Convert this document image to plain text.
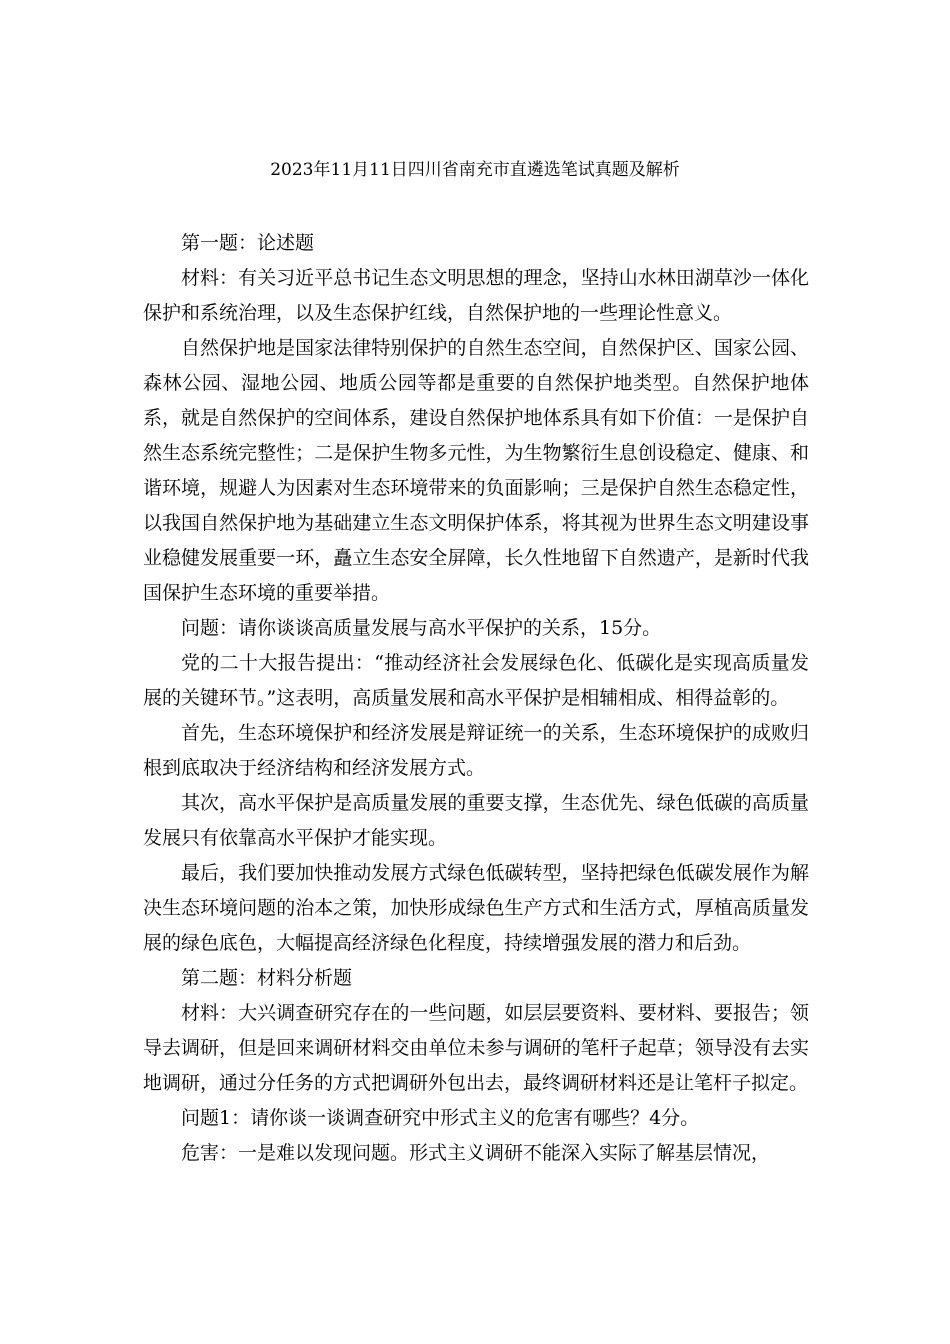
2023年11月11日四川省南充市直遴选笔试真题及解析

第一题：论述题

材料：有关习近平总书记生态文明思想的理念，坚持山水林田湖草沙一体化保护和系统治理，以及生态保护红线，自然保护地的一些理论性意义。

自然保护地是国家法律特别保护的自然生态空间，自然保护区、国家公园、森林公园、湿地公园、地质公园等都是重要的自然保护地类型。自然保护地体系，就是自然保护的空间体系，建设自然保护地体系具有如下价值：一是保护自然生态系统完整性；二是保护生物多元性，为生物繁衍生息创设稳定、健康、和谐环境，规避人为因素对生态环境带来的负面影响；三是保护自然生态稳定性，以我国自然保护地为基础建立生态文明保护体系，将其视为世界生态文明建设事业稳健发展重要一环，矗立生态安全屏障，长久性地留下自然遗产，是新时代我国保护生态环境的重要举措。

问题：请你谈谈高质量发展与高水平保护的关系，15分。

党的二十大报告提出：“推动经济社会发展绿色化、低碳化是实现高质量发展的关键环节。”这表明，高质量发展和高水平保护是相辅相成、相得益彰的。

首先，生态环境保护和经济发展是辩证统一的关系，生态环境保护的成败归根到底取决于经济结构和经济发展方式。

其次，高水平保护是高质量发展的重要支撑，生态优先、绿色低碳的高质量发展只有依靠高水平保护才能实现。

最后，我们要加快推动发展方式绿色低碳转型，坚持把绿色低碳发展作为解决生态环境问题的治本之策，加快形成绿色生产方式和生活方式，厚植高质量发展的绿色底色，大幅提高经济绿色化程度，持续增强发展的潜力和后劲。

第二题：材料分析题

材料：大兴调查研究存在的一些问题，如层层要资料、要材料、要报告；领导去调研，但是回来调研材料交由单位未参与调研的笔杆子起草；领导没有去实地调研，通过分任务的方式把调研外包出去，最终调研材料还是让笔杆子拟定。

问题1：请你谈一谈调查研究中形式主义的危害有哪些？4分。

危害：一是难以发现问题。形式主义调研不能深入实际了解基层情况，
